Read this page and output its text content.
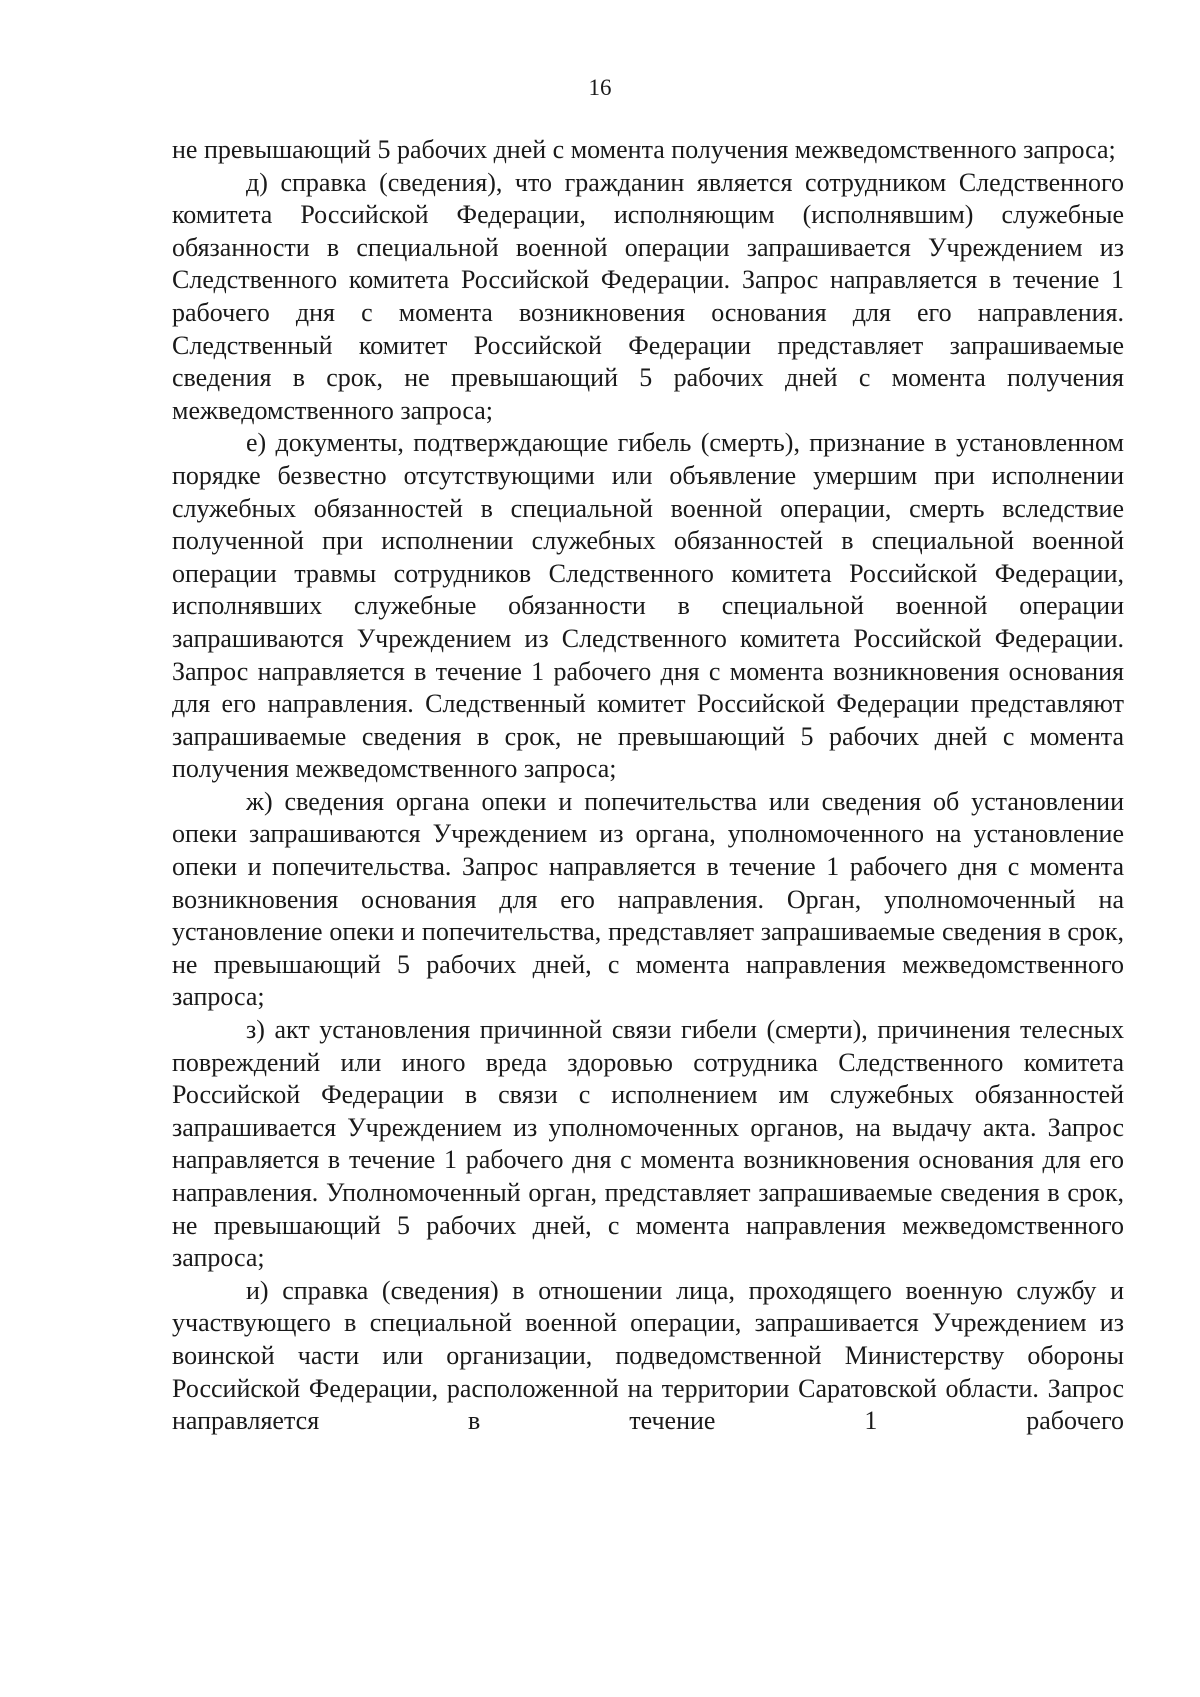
16

не превышающий 5 рабочих дней с момента получения межведомственного запроса;

д) справка (сведения), что гражданин является сотрудником Следственного комитета Российской Федерации, исполняющим (исполнявшим) служебные обязанности в специальной военной операции запрашивается Учреждением из Следственного комитета Российской Федерации. Запрос направляется в течение 1 рабочего дня с момента возникновения основания для его направления. Следственный комитет Российской Федерации представляет запрашиваемые сведения в срок, не превышающий 5 рабочих дней с момента получения межведомственного запроса;

е) документы, подтверждающие гибель (смерть), признание в установленном порядке безвестно отсутствующими или объявление умершим при исполнении служебных обязанностей в специальной военной операции, смерть вследствие полученной при исполнении служебных обязанностей в специальной военной операции травмы сотрудников Следственного комитета Российской Федерации, исполнявших служебные обязанности в специальной военной операции запрашиваются Учреждением из Следственного комитета Российской Федерации. Запрос направляется в течение 1 рабочего дня с момента возникновения основания для его направления. Следственный комитет Российской Федерации представляют запрашиваемые сведения в срок, не превышающий 5 рабочих дней с момента получения межведомственного запроса;

ж) сведения органа опеки и попечительства или сведения об установлении опеки запрашиваются Учреждением из органа, уполномоченного на установление опеки и попечительства. Запрос направляется в течение 1 рабочего дня с момента возникновения основания для его направления. Орган, уполномоченный на установление опеки и попечительства, представляет запрашиваемые сведения в срок, не превышающий 5 рабочих дней, с момента направления межведомственного запроса;

з) акт установления причинной связи гибели (смерти), причинения телесных повреждений или иного вреда здоровью сотрудника Следственного комитета Российской Федерации в связи с исполнением им служебных обязанностей запрашивается Учреждением из уполномоченных органов, на выдачу акта. Запрос направляется в течение 1 рабочего дня с момента возникновения основания для его направления. Уполномоченный орган, представляет запрашиваемые сведения в срок, не превышающий 5 рабочих дней, с момента направления межведомственного запроса;

и) справка (сведения) в отношении лица, проходящего военную службу и участвующего в специальной военной операции, запрашивается Учреждением из воинской части или организации, подведомственной Министерству обороны Российской Федерации, расположенной на территории Саратовской области. Запрос направляется в течение 1 рабочего
